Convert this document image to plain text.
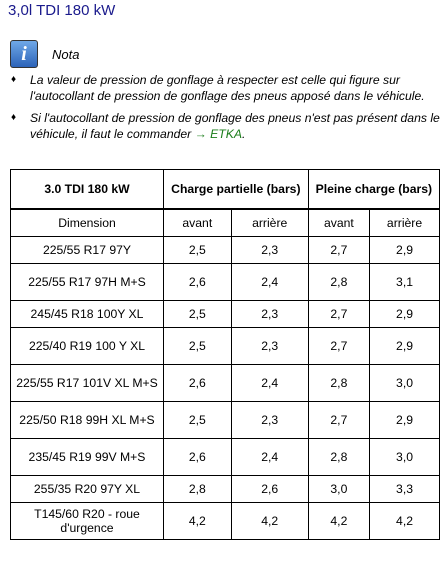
3,0l TDI 180 kW
i Nota
♦ La valeur de pression de gonflage à respecter est celle qui figure sur l'autocollant de pression de gonflage des pneus apposé dans le véhicule.
♦ Si l'autocollant de pression de gonflage des pneus n'est pas présent dans le véhicule, il faut le commander → ETKA.
3.0 TDI 180 kW	Charge partielle (bars)		Pleine charge (bars)	
Dimension	avant	arrière	avant	arrière
225/55 R17 97Y	2,5	2,3	2,7	2,9
225/55 R17 97H M+S	2,6	2,4	2,8	3,1
245/45 R18 100Y XL	2,5	2,3	2,7	2,9
225/40 R19 100 Y XL	2,5	2,3	2,7	2,9
225/55 R17 101V XL M+S	2,6	2,4	2,8	3,0
225/50 R18 99H XL M+S	2,5	2,3	2,7	2,9
235/45 R19 99V M+S	2,6	2,4	2,8	3,0
255/35 R20 97Y XL	2,8	2,6	3,0	3,3
T145/60 R20 - roue d'urgence	4,2	4,2	4,2	4,2
